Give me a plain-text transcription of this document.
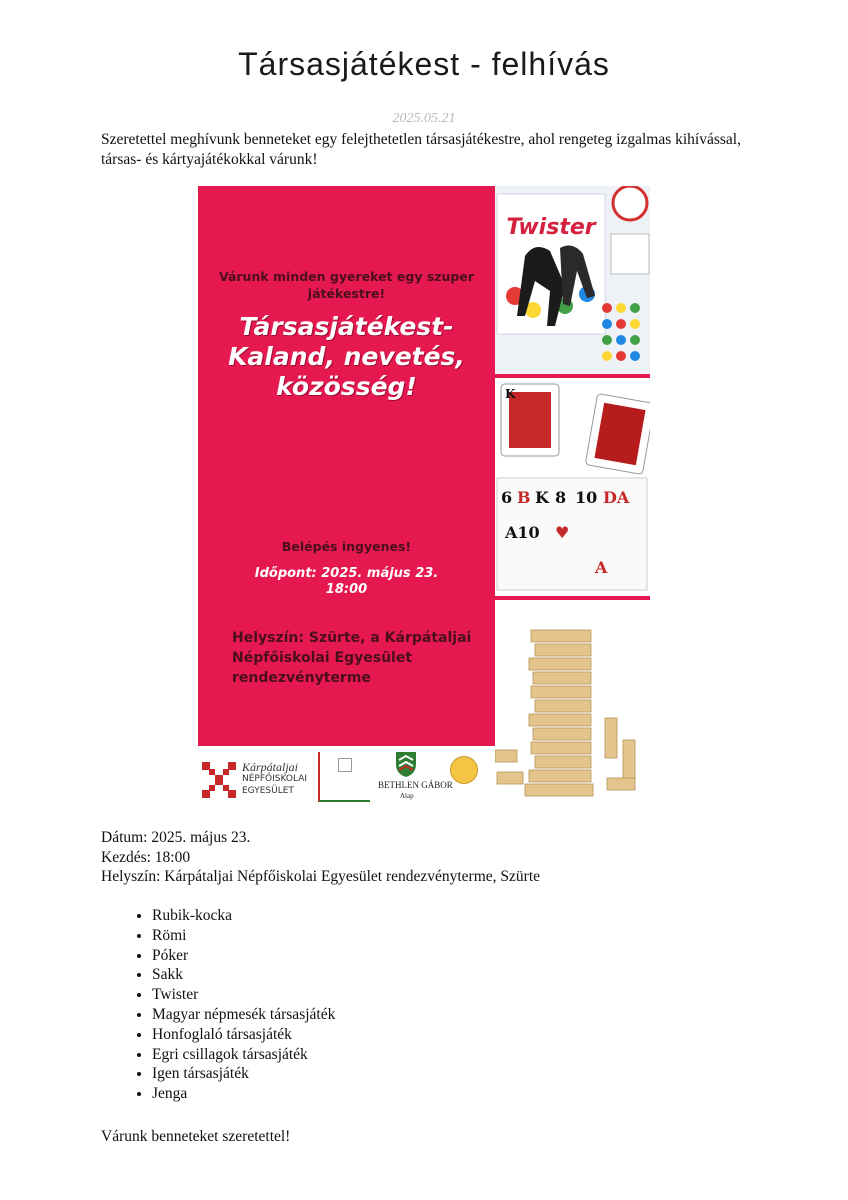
Társasjátékest - felhívás
2025.05.21

Szeretettel meghívunk benneteket egy felejthetetlen társasjátékestre, ahol rengeteg izgalmas kihívással, társas- és kártyajátékokkal várunk!

Várunk minden gyereket egy szuper játékestre!
Társasjátékest-
Kaland, nevetés,
közösség!
Belépés ingyenes!
Időpont: 2025. május 23.
18:00
Helyszín: Szürte, a Kárpátaljai Népfőiskolai Egyesület rendezvényterme
Twister
K
6 B K 8 10 DA
A10 ♥
A
Kárpátaljai
NÉPFŐISKOLAI
EGYESÜLET
BETHLEN GÁBOR
Alap
Dátum: 2025. május 23.
Kezdés: 18:00
Helyszín: Kárpátaljai Népfőiskolai Egyesület rendezvényterme, Szürte
• Rubik-kocka
• Römi
• Póker
• Sakk
• Twister
• Magyar népmesék társasjáték
• Honfoglaló társasjáték
• Egri csillagok társasjáték
• Igen társasjáték
• Jenga
Várunk benneteket szeretettel!
